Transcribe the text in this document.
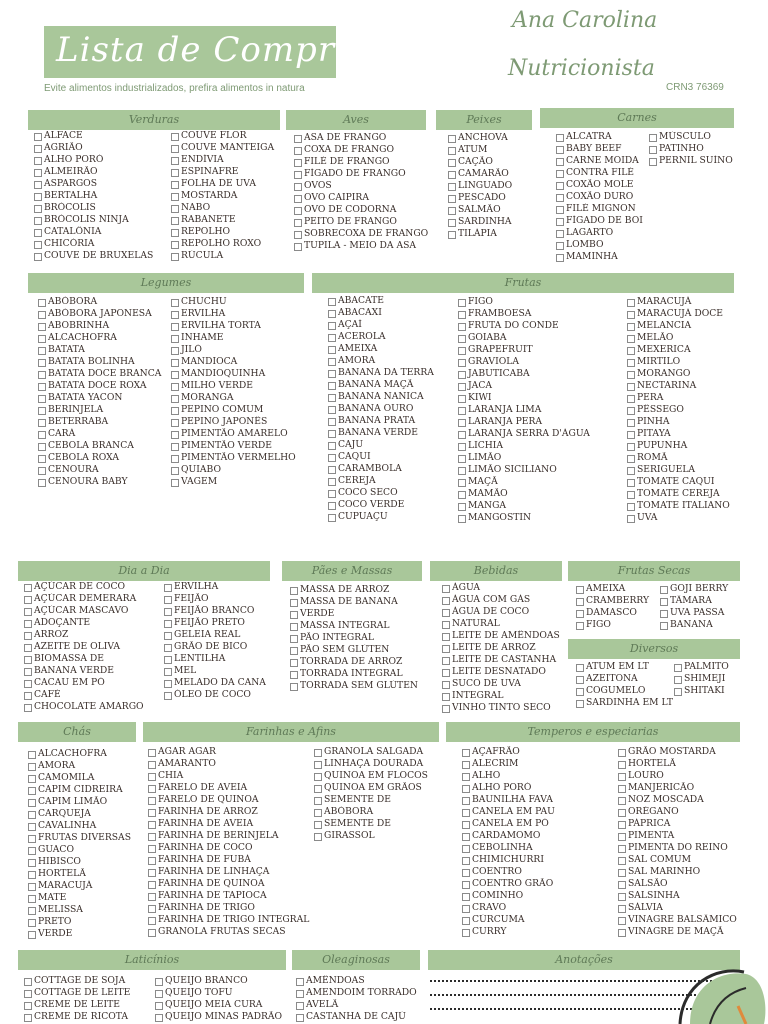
Lista de Compras
Evite alimentos industrializados, prefira alimentos in natura
Ana Carolina
Nutricionista
CRN3 76369
Verduras	Aves	Peixes	Carnes
Legumes	Frutas
Dia a Dia	Pães e Massas	Bebidas	Frutas Secas
Diversos
Chás	Farinhas e Afins	Temperos e especiarias
Laticínios	Oleaginosas	Anotações
ALFACE
AGRIÃO
ALHO PORÓ
ALMEIRÃO
ASPARGOS
BERTALHA
BRÓCOLIS
BRÓCOLIS NINJA
CATALÔNIA
CHICÓRIA
COUVE DE BRUXELAS
COUVE FLOR
COUVE MANTEIGA
ENDÍVIA
ESPINAFRE
FOLHA DE UVA
MOSTARDA
NABO
RABANETE
REPOLHO
REPOLHO ROXO
RÚCULA
ASA DE FRANGO
COXA DE FRANGO
FILÉ DE FRANGO
FÍGADO DE FRANGO
OVOS
OVO CAIPIRA
OVO DE CODORNA
PEITO DE FRANGO
SOBRECOXA DE FRANGO
TUPILA - MEIO DA ASA
ANCHOVA
ATUM
CAÇÃO
CAMARÃO
LINGUADO
PESCADO
SALMÃO
SARDINHA
TILÁPIA
ALCATRA
BABY BEEF
CARNE MOIDA
CONTRA FILÉ
COXÃO MOLE
COXÃO DURO
FILÉ MIGNON
FÍGADO DE BOI
LAGARTO
LOMBO
MAMINHA
MÚSCULO
PATINHO
PERNIL SUÍNO
ABÓBORA
ABÓBORA JAPONESA
ABOBRINHA
ALCACHOFRA
BATATA
BATATA BOLINHA
BATATA DOCE BRANCA
BATATA DOCE ROXA
BATATA YACON
BERINJELA
BETERRABA
CARÁ
CEBOLA BRANCA
CEBOLA ROXA
CENOURA
CENOURA BABY
CHUCHU
ERVILHA
ERVILHA TORTA
INHAME
JILÓ
MANDIOCA
MANDIOQUINHA
MILHO VERDE
MORANGA
PEPINO COMUM
PEPINO JAPONÊS
PIMENTÃO AMARELO
PIMENTÃO VERDE
PIMENTÃO VERMELHO
QUIABO
VAGEM
ABACATE
ABACAXI
AÇAÍ
ACEROLA
AMEIXA
AMORA
BANANA DA TERRA
BANANA MAÇÃ
BANANA NANICA
BANANA OURO
BANANA PRATA
BANANA VERDE
CAJU
CAQUI
CARAMBOLA
CEREJA
COCO SECO
COCO VERDE
CUPUAÇU
FIGO
FRAMBOESA
FRUTA DO CONDE
GOIABA
GRAPEFRUIT
GRAVIOLA
JABUTICABA
JACA
KIWI
LARANJA LIMA
LARANJA PERA
LARANJA SERRA D'ÁGUA
LICHIA
LIMÃO
LIMÃO SICILIANO
MAÇÃ
MAMÃO
MANGA
MANGOSTIN
MARACUJÁ
MARACUJÁ DOCE
MELANCIA
MELÃO
MEXERICA
MIRTILO
MORANGO
NECTARINA
PERA
PÊSSEGO
PINHA
PITAYA
PUPUNHA
ROMÃ
SERIGUELA
TOMATE CAQUI
TOMATE CEREJA
TOMATE ITALIANO
UVA
AÇÚCAR DE COCO
AÇÚCAR DEMERARA
AÇÚCAR MASCAVO
ADOÇANTE
ARROZ
AZEITE DE OLIVA
BIOMASSA DE
BANANA VERDE
CACAU EM PÓ
CAFÉ
CHOCOLATE AMARGO
ERVILHA
FEIJÃO
FEIJÃO BRANCO
FEIJÃO PRETO
GELEIA REAL
GRÃO DE BICO
LENTILHA
MEL
MELADO DA CANA
ÓLEO DE COCO
MASSA DE ARROZ
MASSA DE BANANA
VERDE
MASSA INTEGRAL
PÃO INTEGRAL
PÃO SEM GLÚTEN
TORRADA DE ARROZ
TORRADA INTEGRAL
TORRADA SEM GLÚTEN
ÁGUA
ÁGUA COM GÁS
ÁGUA DE COCO
NATURAL
LEITE DE AMÊNDOAS
LEITE DE ARROZ
LEITE DE CASTANHA
LEITE DESNATADO
SUCO DE UVA
INTEGRAL
VINHO TINTO SECO
AMEIXA
CRAMBERRY
DAMASCO
FIGO
GOJI BERRY
TÂMARA
UVA PASSA
BANANA
ATUM EM LT
AZEITONA
COGUMELO
SARDINHA EM LT
PALMITO
SHIMEJI
SHITAKI
ALCACHOFRA
AMORA
CAMOMILA
CAPIM CIDREIRA
CAPIM LIMÃO
CARQUEJA
CAVALINHA
FRUTAS DIVERSAS
GUACO
HIBISCO
HORTELÃ
MARACUJÁ
MATE
MELISSA
PRETO
VERDE
AGAR AGAR
AMARANTO
CHIA
FARELO DE AVEIA
FARELO DE QUINOA
FARINHA DE ARROZ
FARINHA DE AVEIA
FARINHA DE BERINJELA
FARINHA DE COCO
FARINHA DE FUBÁ
FARINHA DE LINHAÇA
FARINHA DE QUINOA
FARINHA DE TAPIOCA
FARINHA DE TRIGO
FARINHA DE TRIGO INTEGRAL
GRANOLA FRUTAS SECAS
GRANOLA SALGADA
LINHAÇA DOURADA
QUINOA EM FLOCOS
QUINOA EM GRÃOS
SEMENTE DE
ABÓBORA
SEMENTE DE
GIRASSOL
AÇAFRÃO
ALECRIM
ALHO
ALHO PORÓ
BAUNILHA FAVA
CANELA EM PAU
CANELA EM PÓ
CARDAMOMO
CEBOLINHA
CHIMICHURRI
COENTRO
COENTRO GRÃO
COMINHO
CRAVO
CÚRCUMA
CURRY
GRÃO MOSTARDA
HORTELÃ
LOURO
MANJERICÃO
NOZ MOSCADA
ORÉGANO
PÁPRICA
PIMENTA
PIMENTA DO REINO
SAL COMUM
SAL MARINHO
SALSÃO
SALSINHA
SÁLVIA
VINAGRE BALSÂMICO
VINAGRE DE MAÇÃ
COTTAGE DE SOJA
COTTAGE DE LEITE
CREME DE LEITE
CREME DE RICOTA
QUEIJO BRANCO
QUEIJO TOFU
QUEIJO MEIA CURA
QUEIJO MINAS PADRÃO
AMÊNDOAS
AMENDOIM TORRADO
AVELÃ
CASTANHA DE CAJÚ
